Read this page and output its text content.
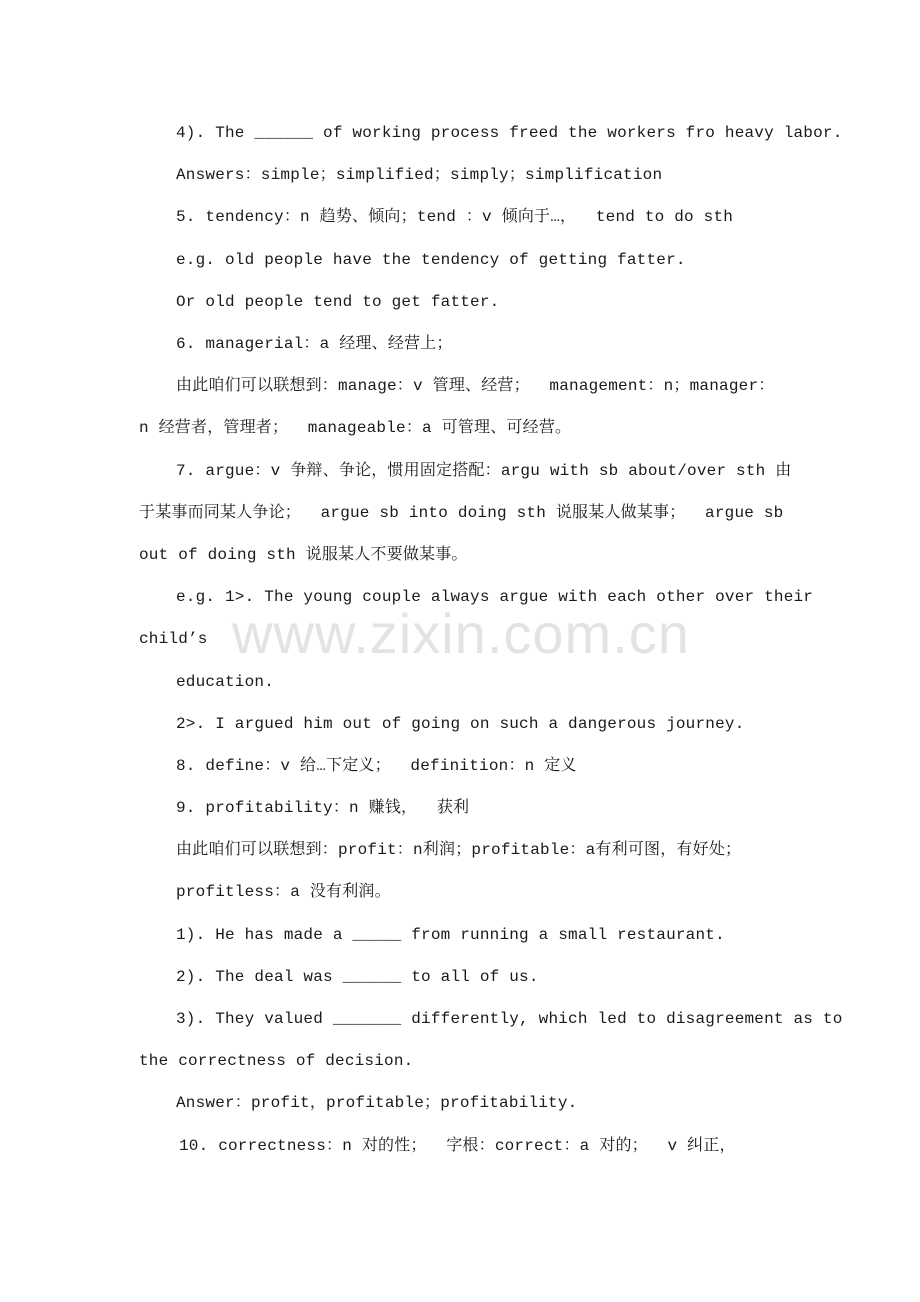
4). The ______ of working process freed the workers fro heavy labor.
Answers：simple；simplified；simply；simplification
5. tendency：n 趋势、倾向；tend ：v 倾向于…，  tend to do sth
e.g. old people have the tendency of getting fatter.
Or old people tend to get fatter.
6. managerial：a 经理、经营上；
由此咱们可以联想到：manage：v 管理、经营；  management：n；manager：
n 经营者，管理者；  manageable：a 可管理、可经营。
7. argue：v 争辩、争论，惯用固定搭配：argu with sb about/over sth 由
于某事而同某人争论；  argue sb into doing sth 说服某人做某事；  argue sb
out of doing sth 说服某人不要做某事。
e.g. 1>. The young couple always argue with each other over their
child’s
education.
2>. I argued him out of going on such a dangerous journey.
8. define：v 给…下定义；  definition：n 定义
9. profitability：n 赚钱，  获利
由此咱们可以联想到：profit：n利润；profitable：a有利可图，有好处；
profitless：a 没有利润。
1). He has made a _____ from running a small restaurant.
2). The deal was ______ to all of us.
3). They valued _______ differently, which led to disagreement as to
the correctness of decision.
Answer：profit，profitable；profitability.
10. correctness：n 对的性；  字根：correct：a 对的；  v 纠正，
www.zixin.com.cn
